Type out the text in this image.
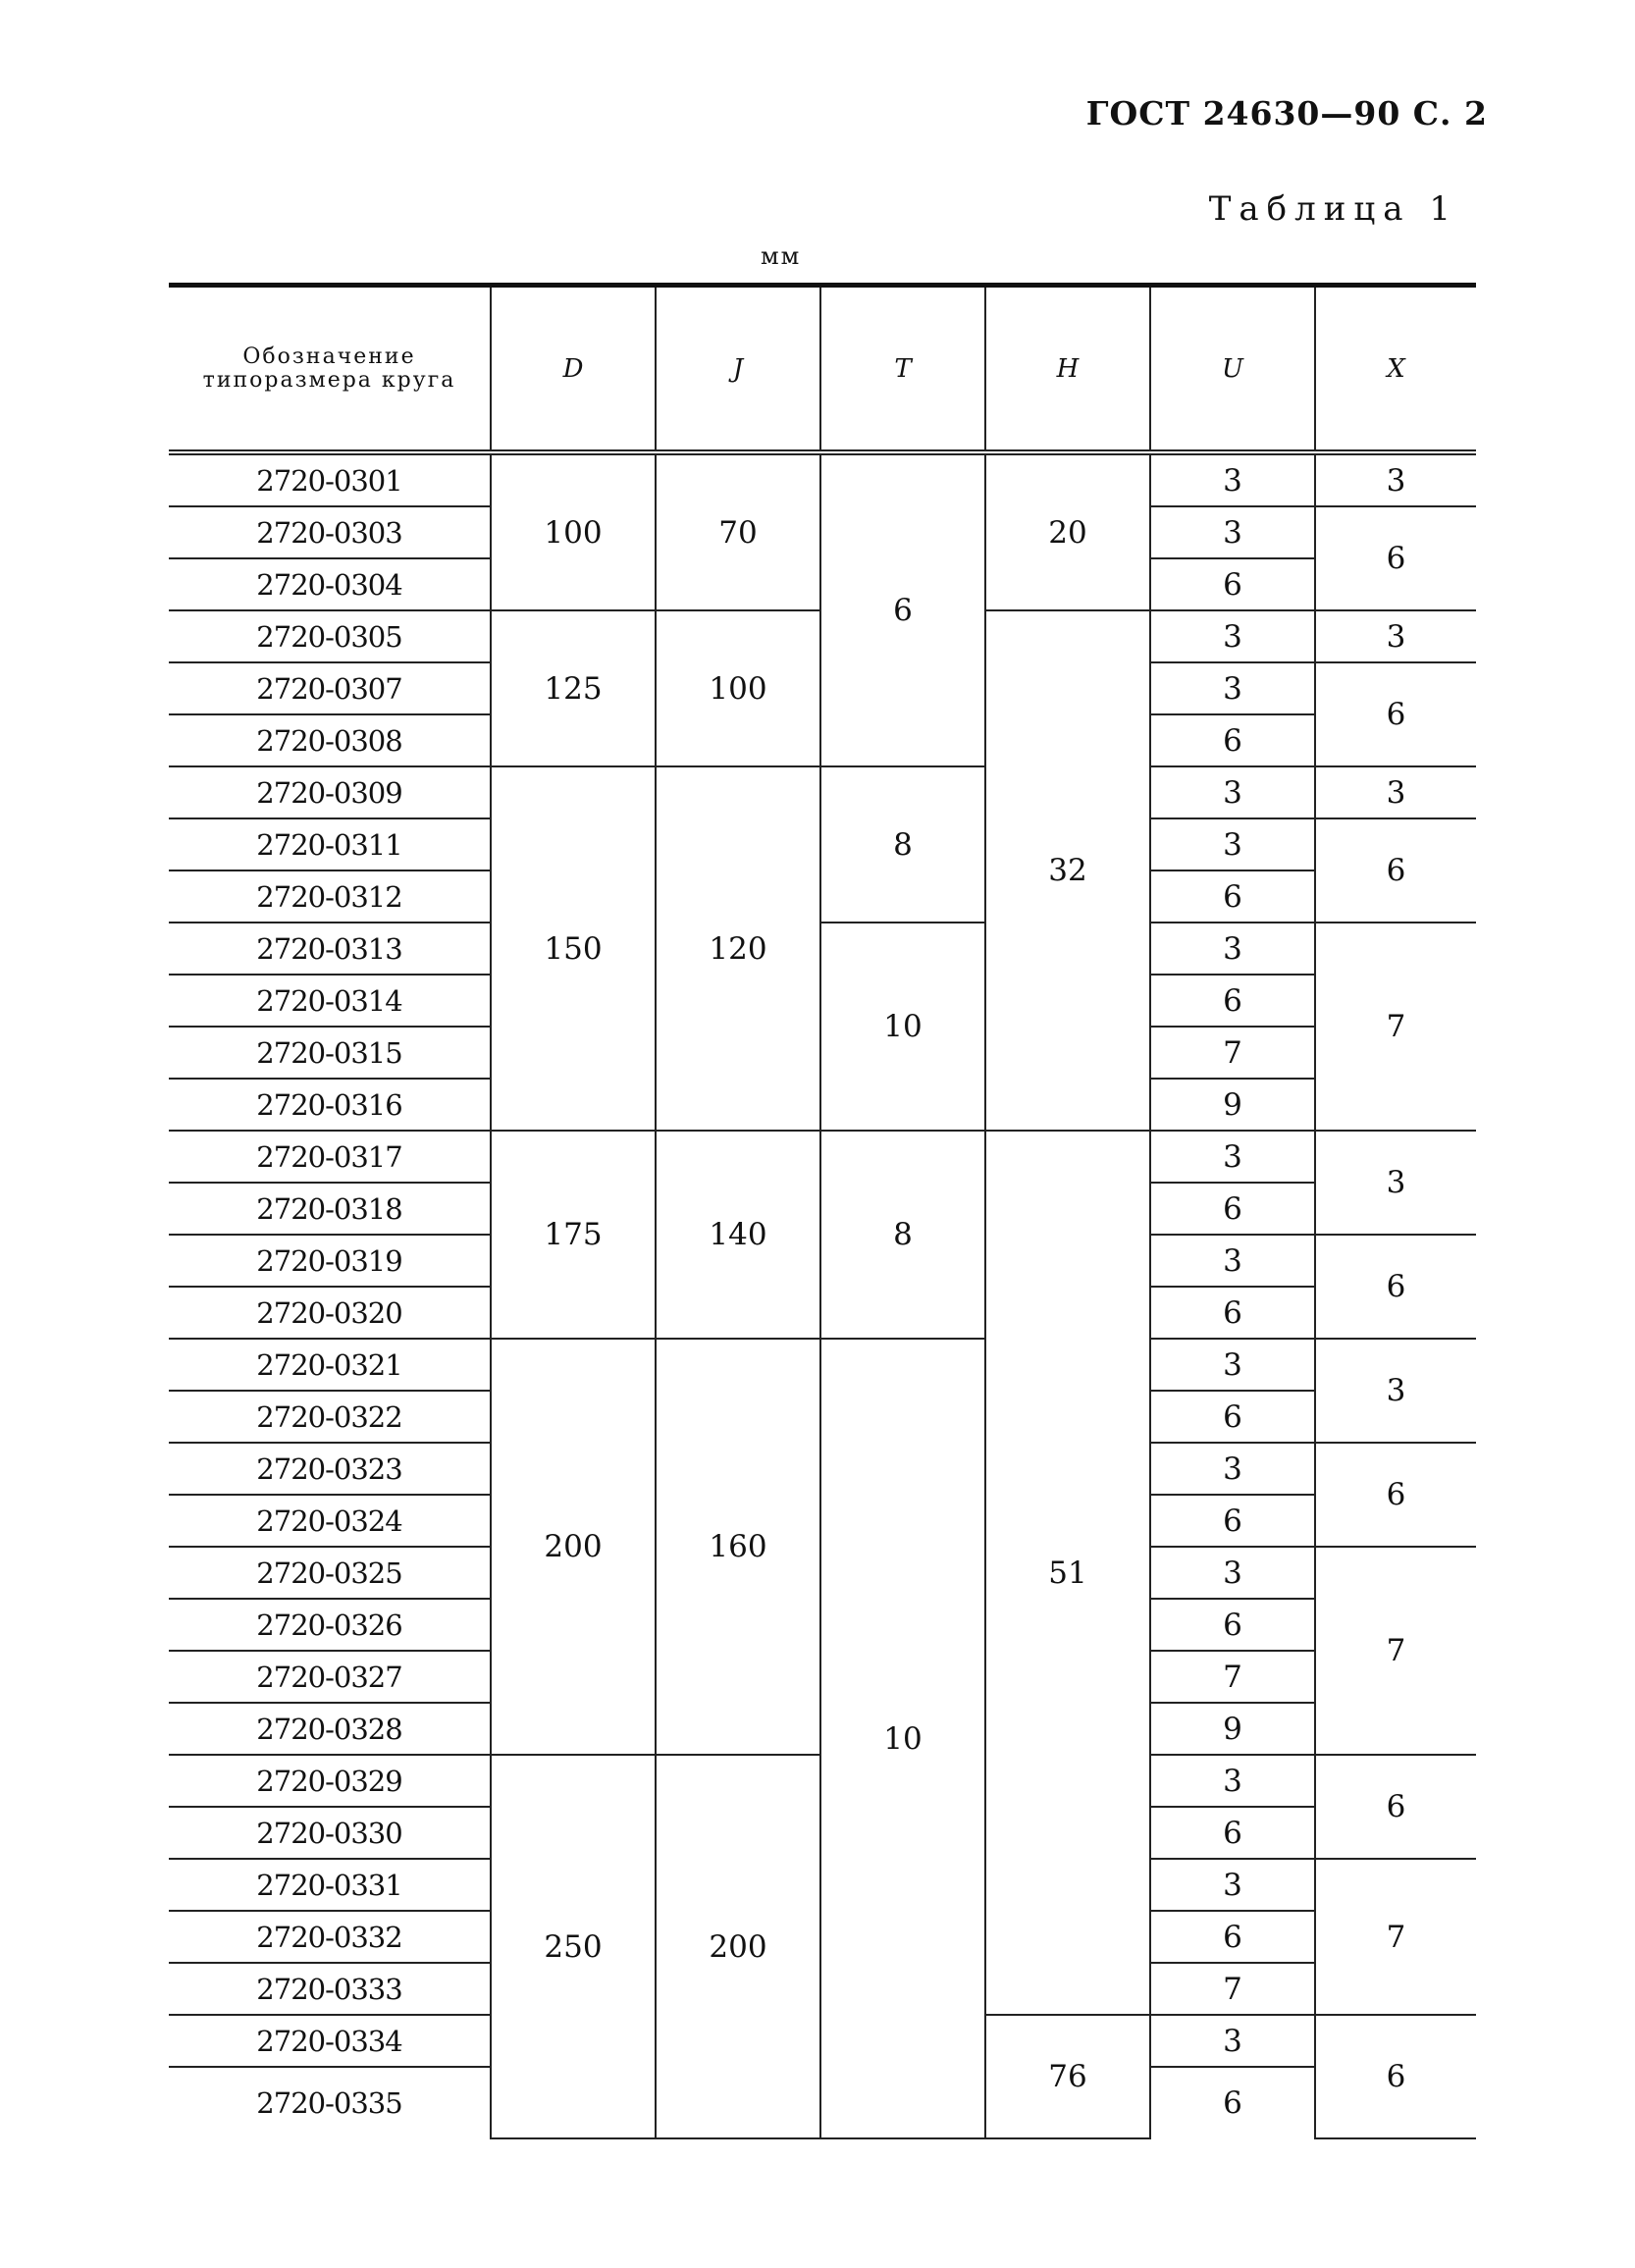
ГОСТ 24630—90 С. 2
Таблица 1
мм
Обозначение типоразмера круга	D	J	T	H	U	X
2720-0301	100	70	6	20	3	3
2720-0303					3	6
2720-0304					6	
2720-0305	125	100		32	3	3
2720-0307					3	6
2720-0308					6	
2720-0309	150	120	8		3	3
2720-0311					3	6
2720-0312					6	
2720-0313			10		3	7
2720-0314					6	
2720-0315					7	
2720-0316					9	
2720-0317	175	140	8	51	3	3
2720-0318					6	
2720-0319					3	6
2720-0320					6	
2720-0321	200	160	10		3	3
2720-0322					6	
2720-0323					3	6
2720-0324					6	
2720-0325					3	7
2720-0326					6	
2720-0327					7	
2720-0328					9	
2720-0329	250	200			3	6
2720-0330					6	
2720-0331					3	7
2720-0332					6	
2720-0333					7	
2720-0334				76	3	6
2720-0335					6	
